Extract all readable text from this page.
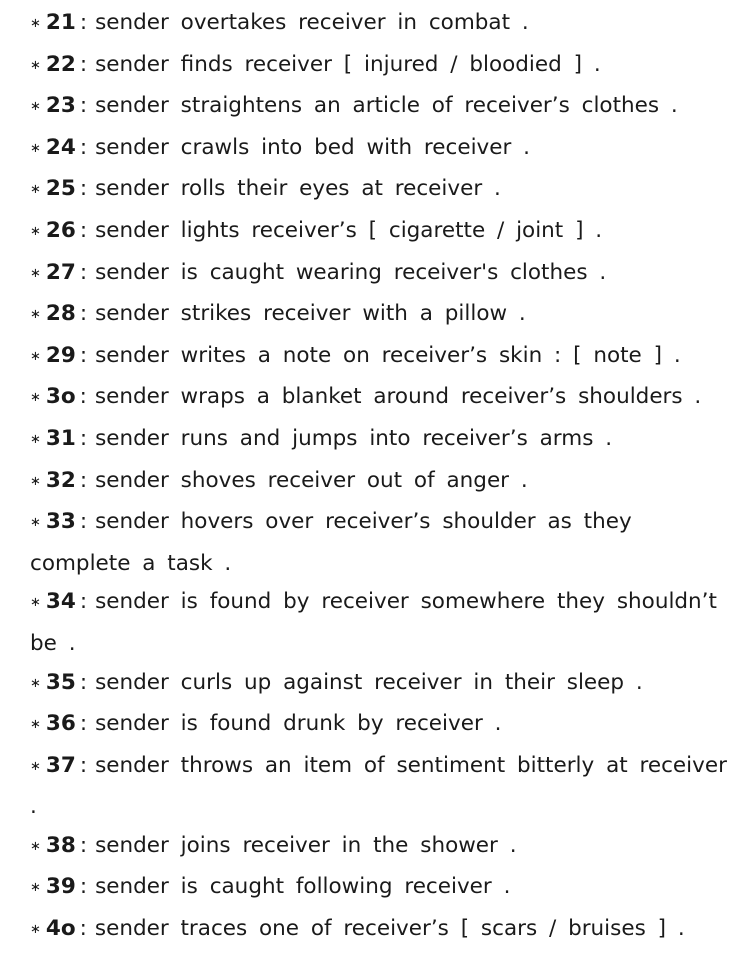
∗ 21 : sender overtakes receiver in combat .
∗ 22 : sender finds receiver [ injured / bloodied ] .
∗ 23 : sender straightens an article of receiver’s clothes .
∗ 24 : sender crawls into bed with receiver .
∗ 25 : sender rolls their eyes at receiver .
∗ 26 : sender lights receiver’s [ cigarette / joint ] .
∗ 27 : sender is caught wearing receiver's clothes .
∗ 28 : sender strikes receiver with a pillow .
∗ 29 : sender writes a note on receiver’s skin : [ note ] .
∗ 3o : sender wraps a blanket around receiver’s shoulders .
∗ 31 : sender runs and jumps into receiver’s arms .
∗ 32 : sender shoves receiver out of anger .
∗ 33 : sender hovers over receiver’s shoulder as they complete a task .
∗ 34 : sender is found by receiver somewhere they shouldn’t be .
∗ 35 : sender curls up against receiver in their sleep .
∗ 36 : sender is found drunk by receiver .
∗ 37 : sender throws an item of sentiment bitterly at receiver .
∗ 38 : sender joins receiver in the shower .
∗ 39 : sender is caught following receiver .
∗ 4o : sender traces one of receiver’s [ scars / bruises ] .
